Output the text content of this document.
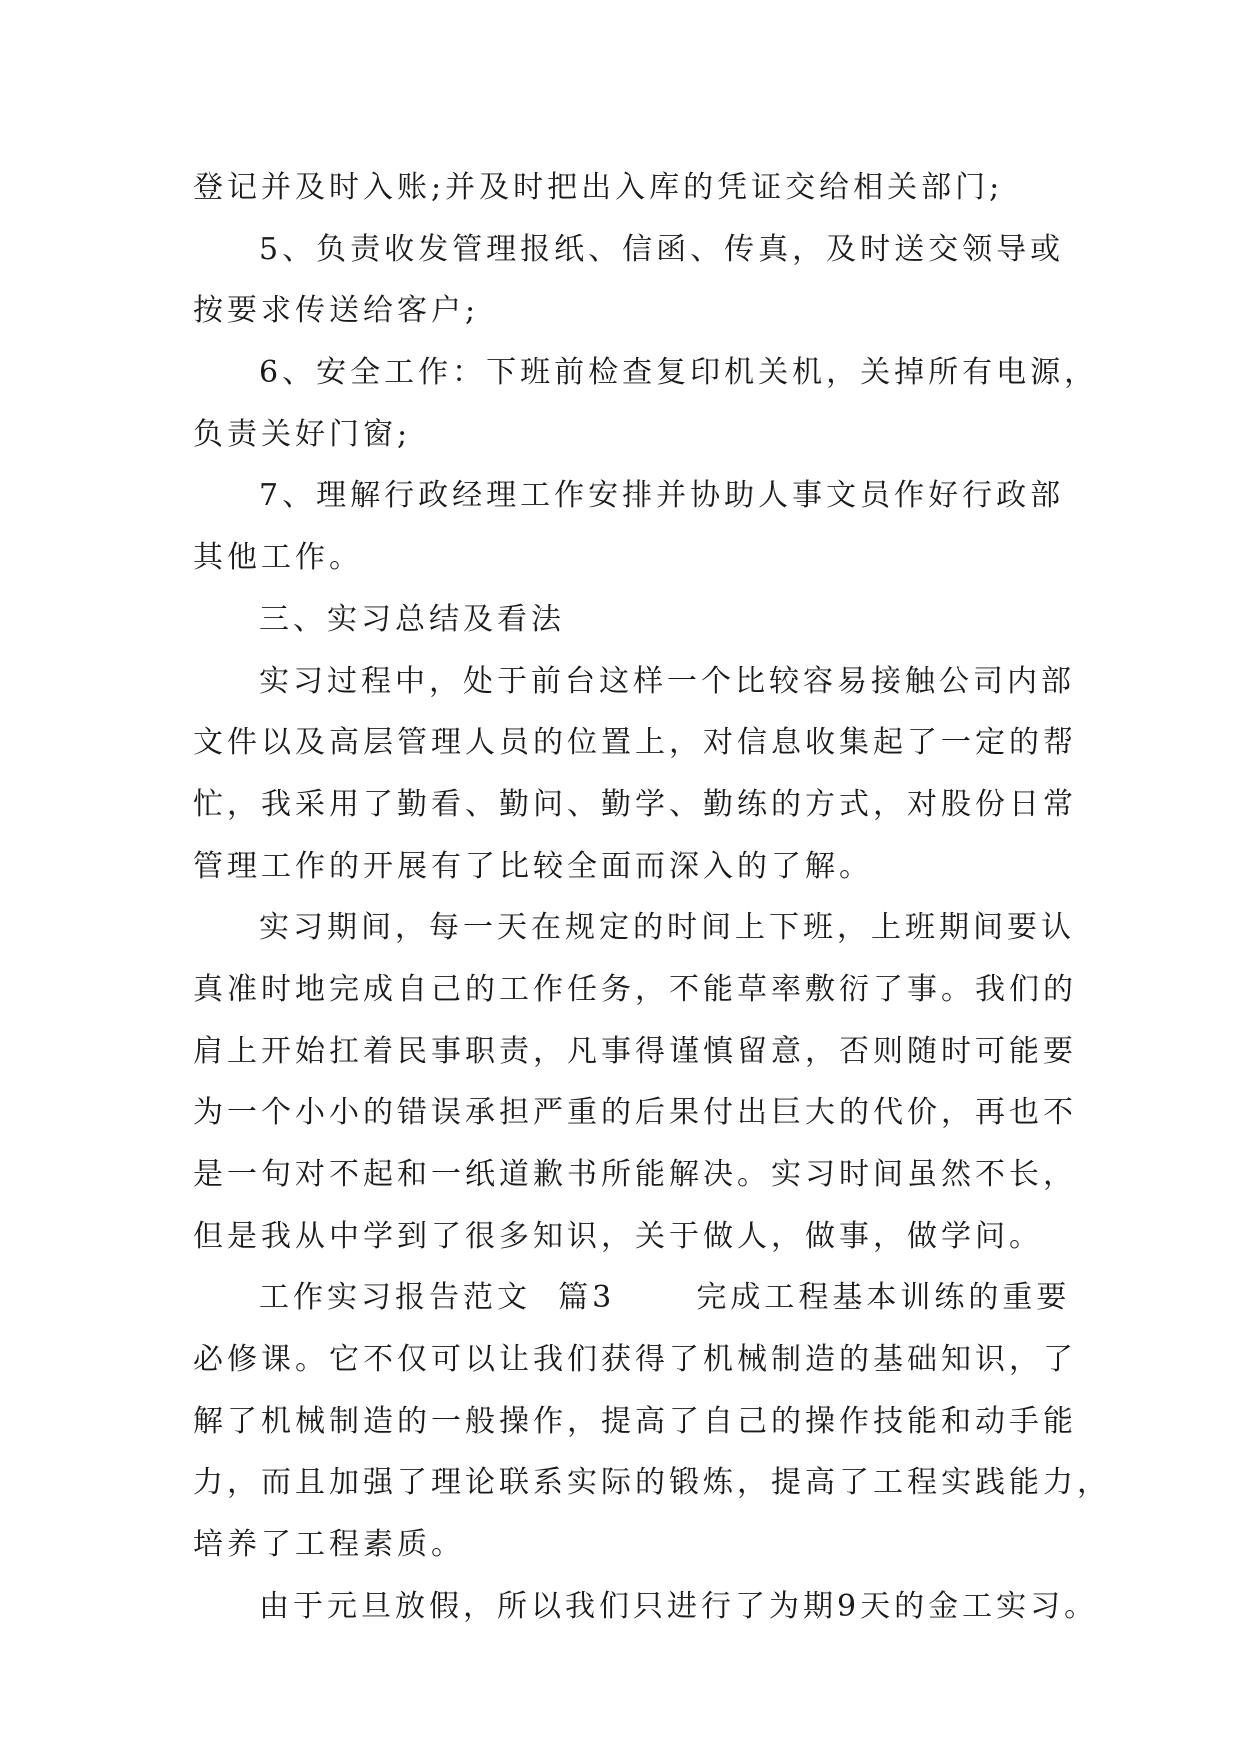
登记并及时入账;并及时把出入库的凭证交给相关部门;
5、负责收发管理报纸、信函、传真，及时送交领导或
按要求传送给客户;
6、安全工作：下班前检查复印机关机，关掉所有电源，
负责关好门窗;
7、理解行政经理工作安排并协助人事文员作好行政部
其他工作。
三、实习总结及看法
实习过程中，处于前台这样一个比较容易接触公司内部
文件以及高层管理人员的位置上，对信息收集起了一定的帮
忙，我采用了勤看、勤问、勤学、勤练的方式，对股份日常
管理工作的开展有了比较全面而深入的了解。
实习期间，每一天在规定的时间上下班，上班期间要认
真准时地完成自己的工作任务，不能草率敷衍了事。我们的
肩上开始扛着民事职责，凡事得谨慎留意，否则随时可能要
为一个小小的错误承担严重的后果付出巨大的代价，再也不
是一句对不起和一纸道歉书所能解决。实习时间虽然不长，
但是我从中学到了很多知识，关于做人，做事，做学问。
工作实习报告范文  篇3      完成工程基本训练的重要
必修课。它不仅可以让我们获得了机械制造的基础知识，了
解了机械制造的一般操作，提高了自己的操作技能和动手能
力，而且加强了理论联系实际的锻炼，提高了工程实践能力，
培养了工程素质。
由于元旦放假，所以我们只进行了为期9天的金工实习。
